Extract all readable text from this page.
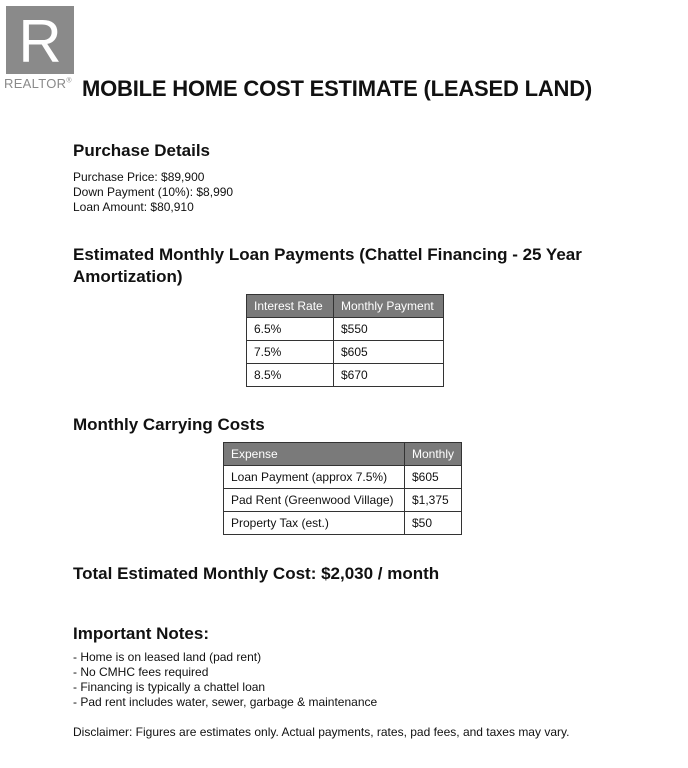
R
REALTOR® MOBILE HOME COST ESTIMATE (LEASED LAND)
Purchase Details
Purchase Price: $89,900
Down Payment (10%): $8,990
Loan Amount: $80,910
Estimated Monthly Loan Payments (Chattel Financing - 25 Year Amortization)
Interest Rate	Monthly Payment
6.5%	$550
7.5%	$605
8.5%	$670
Monthly Carrying Costs
Expense	Monthly
Loan Payment (approx 7.5%)	$605
Pad Rent (Greenwood Village)	$1,375
Property Tax (est.)	$50
Total Estimated Monthly Cost: $2,030 / month
Important Notes:
- Home is on leased land (pad rent)
- No CMHC fees required
- Financing is typically a chattel loan
- Pad rent includes water, sewer, garbage & maintenance
Disclaimer: Figures are estimates only. Actual payments, rates, pad fees, and taxes may vary.
